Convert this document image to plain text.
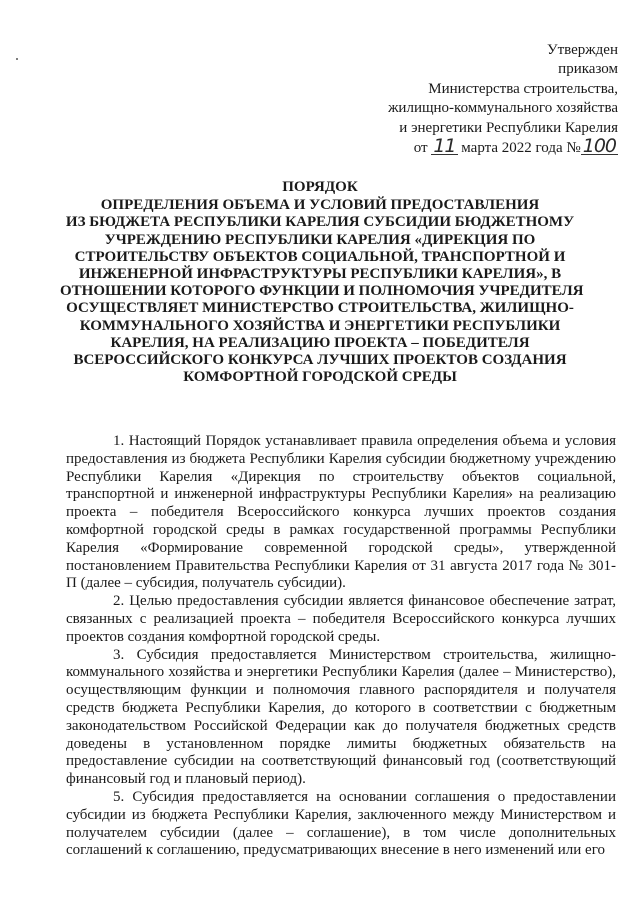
Утвержден
приказом
Министерства строительства,
жилищно-коммунального хозяйства
и энергетики Республики Карелия
от 11 марта 2022 года № 100
ПОРЯДОК
ОПРЕДЕЛЕНИЯ ОБЪЕМА И УСЛОВИЙ ПРЕДОСТАВЛЕНИЯ
ИЗ БЮДЖЕТА РЕСПУБЛИКИ КАРЕЛИЯ СУБСИДИИ БЮДЖЕТНОМУ
УЧРЕЖДЕНИЮ РЕСПУБЛИКИ КАРЕЛИЯ «ДИРЕКЦИЯ ПО
СТРОИТЕЛЬСТВУ ОБЪЕКТОВ СОЦИАЛЬНОЙ, ТРАНСПОРТНОЙ И
ИНЖЕНЕРНОЙ ИНФРАСТРУКТУРЫ РЕСПУБЛИКИ КАРЕЛИЯ», В
ОТНОШЕНИИ КОТОРОГО ФУНКЦИИ И ПОЛНОМОЧИЯ УЧРЕДИТЕЛЯ
ОСУЩЕСТВЛЯЕТ МИНИСТЕРСТВО СТРОИТЕЛЬСТВА, ЖИЛИЩНО-
КОММУНАЛЬНОГО ХОЗЯЙСТВА И ЭНЕРГЕТИКИ РЕСПУБЛИКИ
КАРЕЛИЯ, НА РЕАЛИЗАЦИЮ ПРОЕКТА – ПОБЕДИТЕЛЯ
ВСЕРОССИЙСКОГО КОНКУРСА ЛУЧШИХ ПРОЕКТОВ СОЗДАНИЯ
КОМФОРТНОЙ ГОРОДСКОЙ СРЕДЫ

1. Настоящий Порядок устанавливает правила определения объема и условия предоставления из бюджета Республики Карелия субсидии бюджетному учреждению Республики Карелия «Дирекция по строительству объектов социальной, транспортной и инженерной инфраструктуры Республики Карелия» на реализацию проекта – победителя Всероссийского конкурса лучших проектов создания комфортной городской среды в рамках государственной программы Республики Карелия «Формирование современной городской среды», утвержденной постановлением Правительства Республики Карелия от 31 августа 2017 года № 301-П (далее – субсидия, получатель субсидии).

2. Целью предоставления субсидии является финансовое обеспечение затрат, связанных с реализацией проекта – победителя Всероссийского конкурса лучших проектов создания комфортной городской среды.

3. Субсидия предоставляется Министерством строительства, жилищно-коммунального хозяйства и энергетики Республики Карелия (далее – Министерство), осуществляющим функции и полномочия главного распорядителя и получателя средств бюджета Республики Карелия, до которого в соответствии с бюджетным законодательством Российской Федерации как до получателя бюджетных средств доведены в установленном порядке лимиты бюджетных обязательств на предоставление субсидии на соответствующий финансовый год (соответствующий финансовый год и плановый период).

5. Субсидия предоставляется на основании соглашения о предоставлении субсидии из бюджета Республики Карелия, заключенного между Министерством и получателем субсидии (далее – соглашение), в том числе дополнительных соглашений к соглашению, предусматривающих внесение в него изменений или его
